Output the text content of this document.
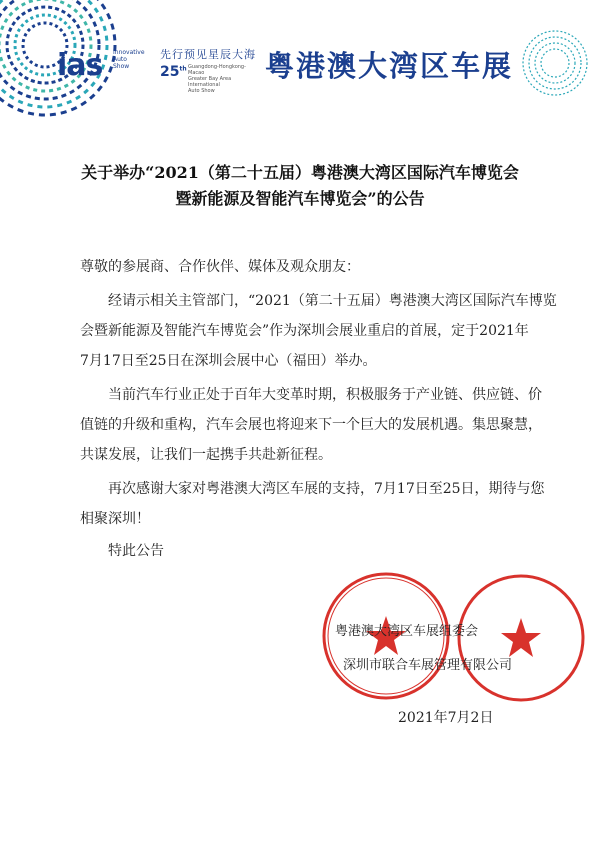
ias Innovative
Auto
Show
先行预见星辰大海
25th Guangdong-Hongkong-Macao
Greater Bay Area International
Auto Show
粤港澳大湾区车展
关于举办“2021（第二十五届）粤港澳大湾区国际汽车博览会
暨新能源及智能汽车博览会”的公告
尊敬的参展商、合作伙伴、媒体及观众朋友：
经请示相关主管部门，“2021（第二十五届）粤港澳大湾区国际汽车博览
会暨新能源及智能汽车博览会”作为深圳会展业重启的首展，定于2021年
7月17日至25日在深圳会展中心（福田）举办。
当前汽车行业正处于百年大变革时期，积极服务于产业链、供应链、价
值链的升级和重构，汽车会展也将迎来下一个巨大的发展机遇。集思聚慧，
共谋发展，让我们一起携手共赴新征程。
再次感谢大家对粤港澳大湾区车展的支持，7月17日至25日，期待与您
相聚深圳！
特此公告
粤港澳大湾区车展组委会
深圳市联合车展管理有限公司
2021年7月2日
